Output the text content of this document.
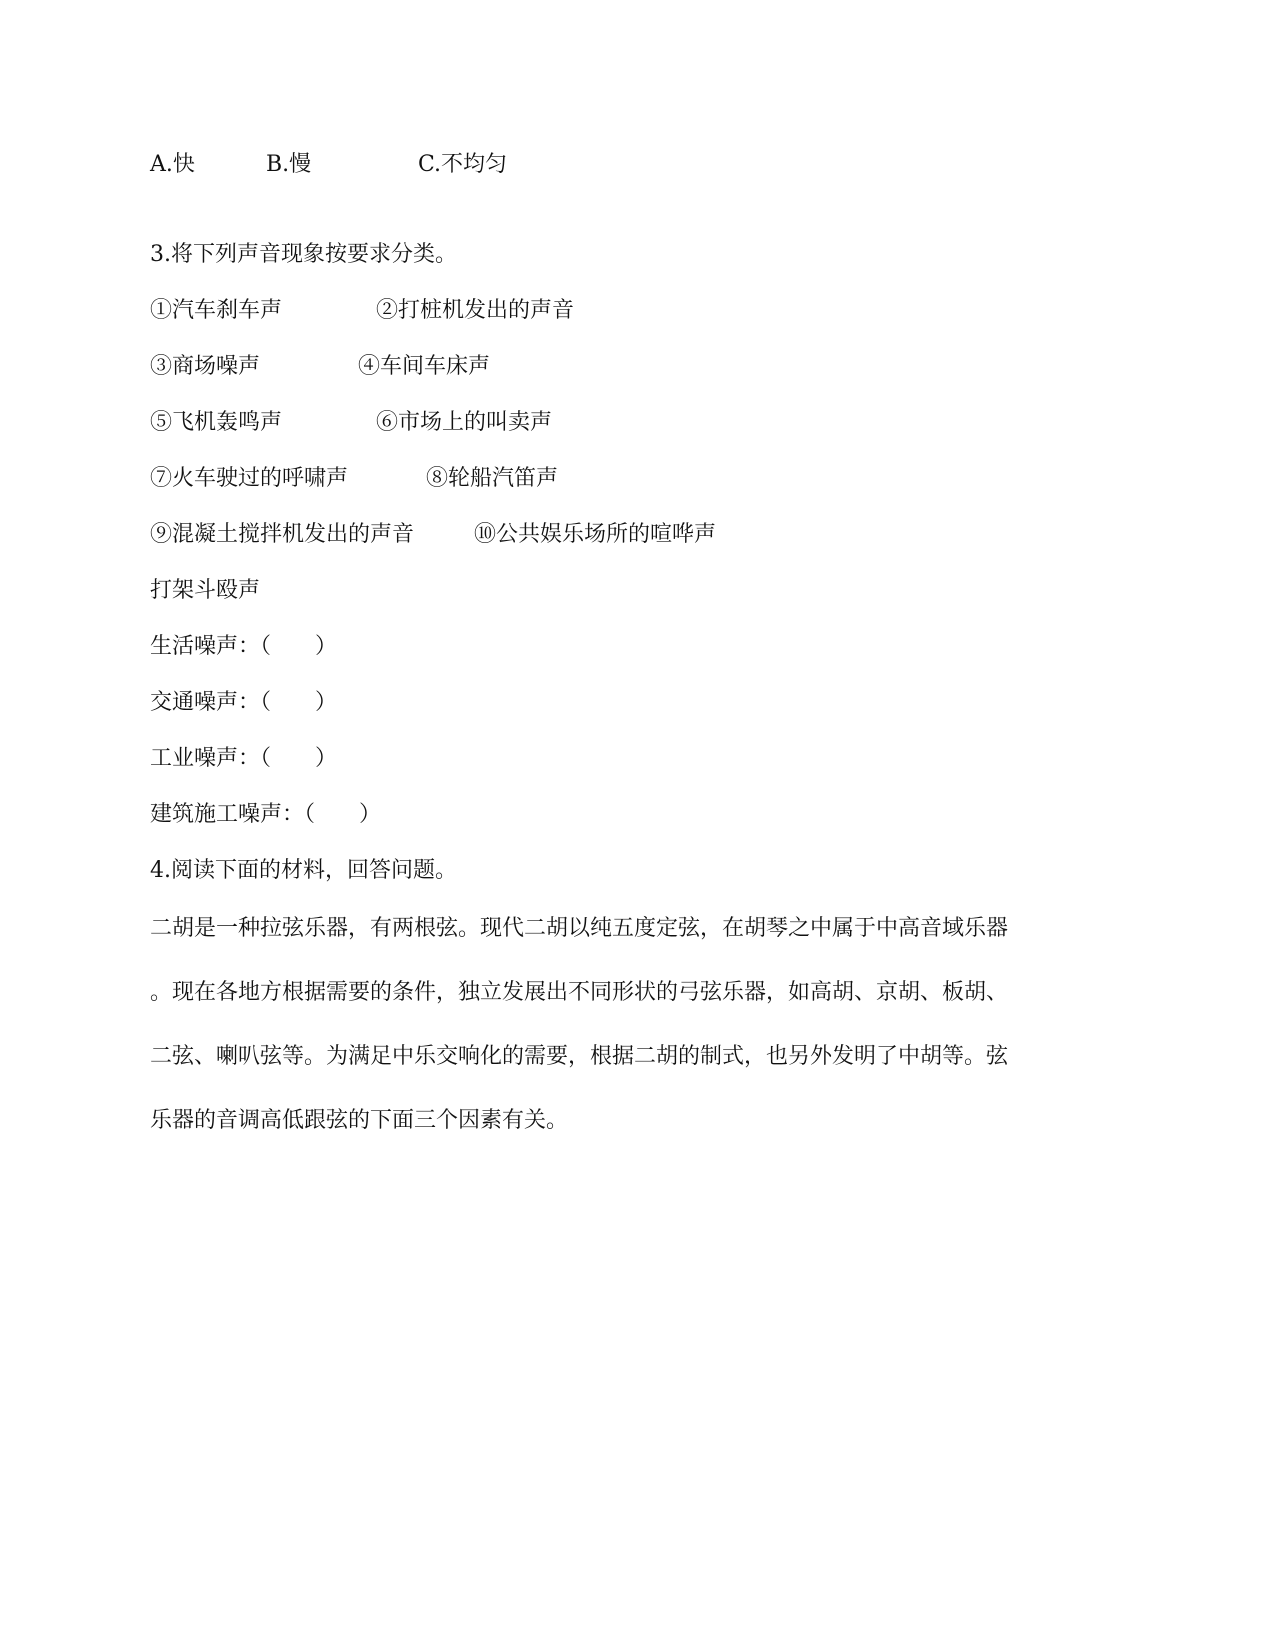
A.快	B.慢	C.不均匀
3.将下列声音现象按要求分类。
①汽车刹车声	②打桩机发出的声音
③商场噪声	④车间车床声
⑤飞机轰鸣声	⑥市场上的叫卖声
⑦火车驶过的呼啸声	⑧轮船汽笛声
⑨混凝土搅拌机发出的声音	⑩公共娱乐场所的喧哗声
打架斗殴声
生活噪声：（　　）
交通噪声：（　　）
工业噪声：（　　）
建筑施工噪声：（　　）
4.阅读下面的材料，回答问题。
二胡是一种拉弦乐器，有两根弦。现代二胡以纯五度定弦，在胡琴之中属于中高音域乐器
。现在各地方根据需要的条件，独立发展出不同形状的弓弦乐器，如高胡、京胡、板胡、
二弦、喇叭弦等。为满足中乐交响化的需要，根据二胡的制式，也另外发明了中胡等。弦
乐器的音调高低跟弦的下面三个因素有关。
